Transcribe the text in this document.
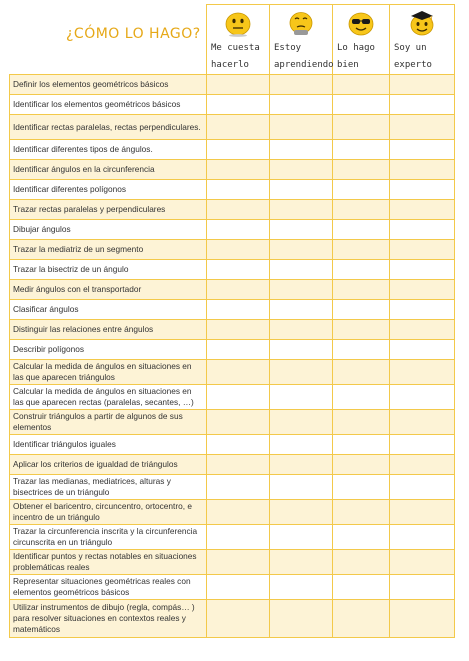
¿CÓMO LO HAGO?

	Me cuesta
hacerlo	Estoy
aprendiendo	Lo hago
bien	Soy un
experto

Definir los elementos geométricos básicos				
Identificar los elementos geométricos básicos				
Identificar rectas paralelas, rectas perpendiculares.				
Identificar diferentes tipos de ángulos.				
Identificar ángulos en la circunferencia				
Identificar diferentes polígonos				
Trazar rectas paralelas y perpendiculares				
Dibujar ángulos				
Trazar la mediatriz de un segmento				
Trazar la bisectriz de un ángulo				
Medir ángulos con el transportador				
Clasificar ángulos				
Distinguir las relaciones entre ángulos				
Describir polígonos				
Calcular la medida de ángulos en situaciones en las que aparecen triángulos				
Calcular la medida de ángulos en situaciones en las que aparecen rectas (paralelas, secantes, …)				
Construir triángulos a partir de algunos de sus elementos				
Identificar triángulos iguales				
Aplicar los criterios de igualdad de triángulos				
Trazar las medianas, mediatrices, alturas y bisectrices de un triángulo				
Obtener el baricentro, circuncentro, ortocentro, e incentro de un triángulo				
Trazar la circunferencia inscrita y la circunferencia circunscrita en un triángulo				
Identificar puntos y rectas notables en situaciones problemáticas reales				
Representar situaciones geométricas reales con elementos geométricos básicos				
Utilizar instrumentos de dibujo (regla, compás… ) para resolver situaciones en contextos reales y matemáticos				
